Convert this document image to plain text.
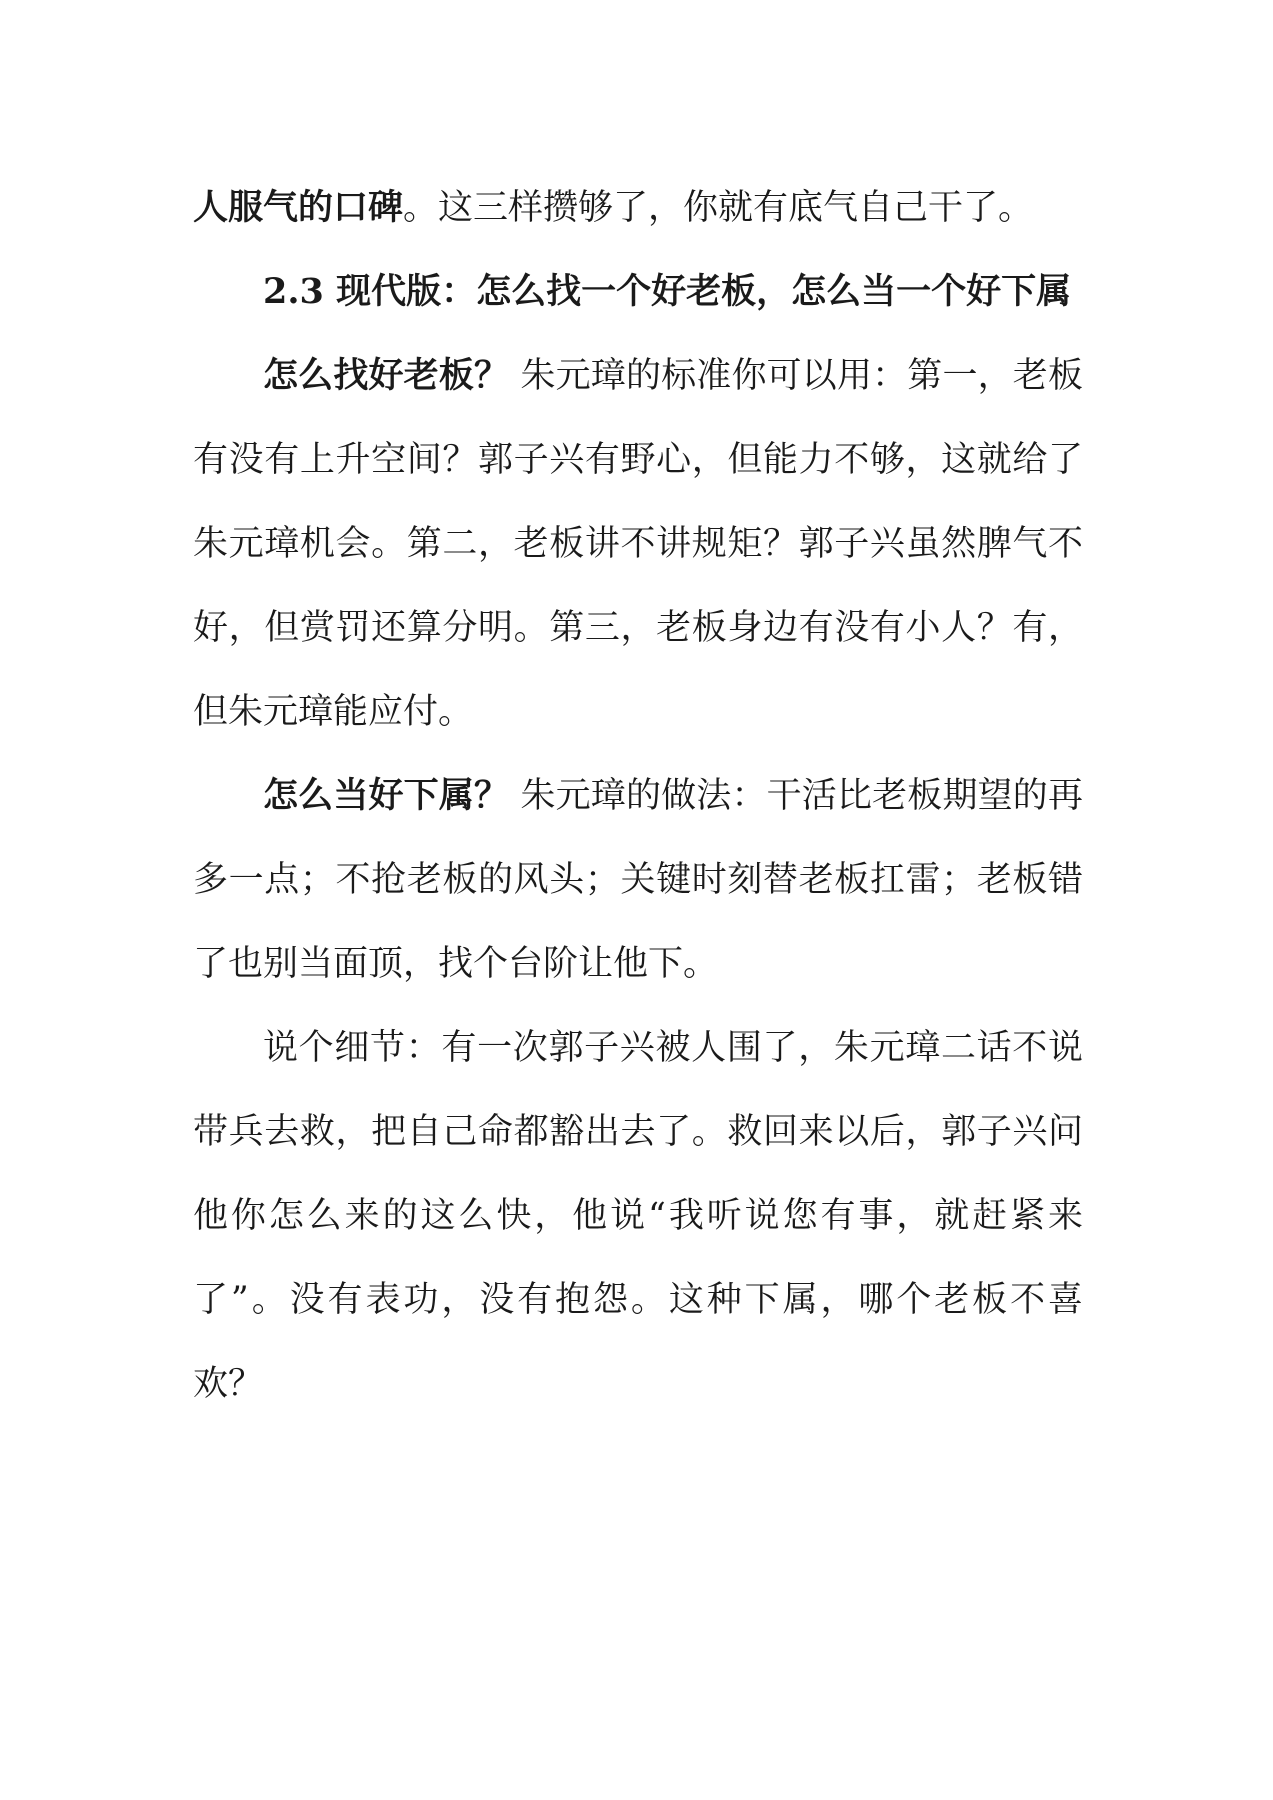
人服气的口碑。这三样攒够了，你就有底气自己干了。

2.3 现代版：怎么找一个好老板，怎么当一个好下属

怎么找好老板？ 朱元璋的标准你可以用：第一，老板有没有上升空间？郭子兴有野心，但能力不够，这就给了朱元璋机会。第二，老板讲不讲规矩？郭子兴虽然脾气不好，但赏罚还算分明。第三，老板身边有没有小人？有，但朱元璋能应付。

怎么当好下属？ 朱元璋的做法：干活比老板期望的再多一点；不抢老板的风头；关键时刻替老板扛雷；老板错了也别当面顶，找个台阶让他下。

说个细节：有一次郭子兴被人围了，朱元璋二话不说带兵去救，把自己命都豁出去了。救回来以后，郭子兴问他你怎么来的这么快，他说“我听说您有事，就赶紧来了”。没有表功，没有抱怨。这种下属，哪个老板不喜欢？
